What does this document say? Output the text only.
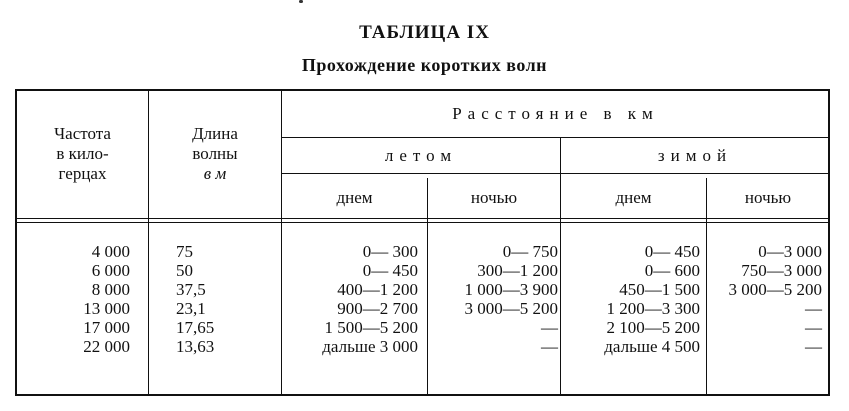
ТАБЛИЦА IX
Прохождение коротких волн
Частота
в кило-
герцах
Длина
волны
в м
Расстояние в км
летом	зимой
днем	ночью	днем	ночью
4 000	75	0— 300	0— 750	0— 450	0—3 000
6 000	50	0— 450	300—1 200	0— 600	750—3 000
8 000	37,5	400—1 200	1 000—3 900	450—1 500	3 000—5 200
13 000	23,1	900—2 700	3 000—5 200	1 200—3 300	—
17 000	17,65	1 500—5 200	—	2 100—5 200	—
22 000	13,63	дальше 3 000	—	дальше 4 500	—
